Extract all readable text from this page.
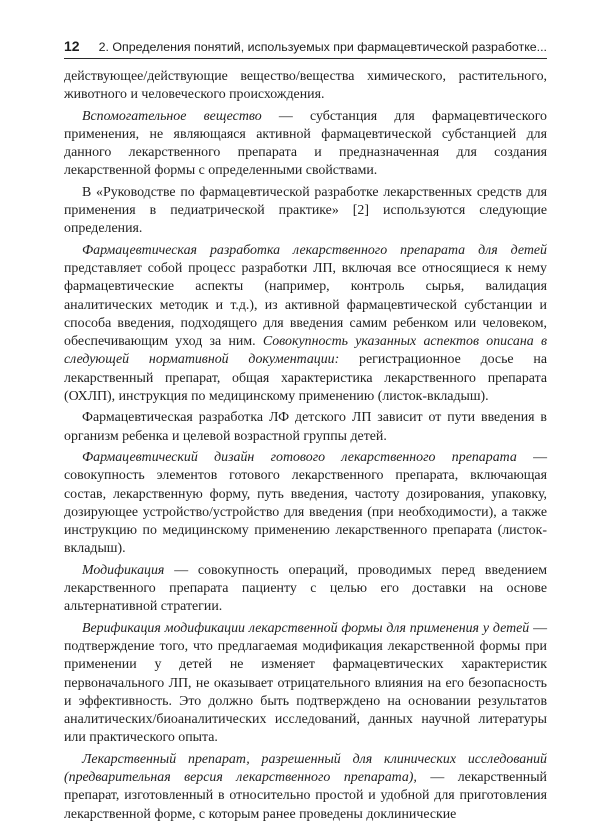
12 2. Определения понятий, используемых при фармацевтической разработке...

действующее/действующие вещество/вещества химического, растительного, животного и человеческого происхождения.

Вспомогательное вещество — субстанция для фармацевтического применения, не являющаяся активной фармацевтической субстанцией для данного лекарственного препарата и предназначенная для создания лекарственной формы с определенными свойствами.

В «Руководстве по фармацевтической разработке лекарственных средств для применения в педиатрической практике» [2] используются следующие определения.

Фармацевтическая разработка лекарственного препарата для детей представляет собой процесс разработки ЛП, включая все относящиеся к нему фармацевтические аспекты (например, контроль сырья, валидация аналитических методик и т.д.), из активной фармацевтической субстанции и способа введения, подходящего для введения самим ребенком или человеком, обеспечивающим уход за ним. Совокупность указанных аспектов описана в следующей нормативной документации: регистрационное досье на лекарственный препарат, общая характеристика лекарственного препарата (ОХЛП), инструкция по медицинскому применению (листок-вкладыш).

Фармацевтическая разработка ЛФ детского ЛП зависит от пути введения в организм ребенка и целевой возрастной группы детей.

Фармацевтический дизайн готового лекарственного препарата — совокупность элементов готового лекарственного препарата, включающая состав, лекарственную форму, путь введения, частоту дозирования, упаковку, дозирующее устройство/устройство для введения (при необходимости), а также инструкцию по медицинскому применению лекарственного препарата (листок-вкладыш).

Модификация — совокупность операций, проводимых перед введением лекарственного препарата пациенту с целью его доставки на основе альтернативной стратегии.

Верификация модификации лекарственной формы для применения у детей — подтверждение того, что предлагаемая модификация лекарственной формы при применении у детей не изменяет фармацевтических характеристик первоначального ЛП, не оказывает отрицательного влияния на его безопасность и эффективность. Это должно быть подтверждено на основании результатов аналитических/биоаналитических исследований, данных научной литературы или практического опыта.

Лекарственный препарат, разрешенный для клинических исследований (предварительная версия лекарственного препарата), — лекарственный препарат, изготовленный в относительно простой и удобной для приготовления лекарственной форме, с которым ранее проведены доклинические
